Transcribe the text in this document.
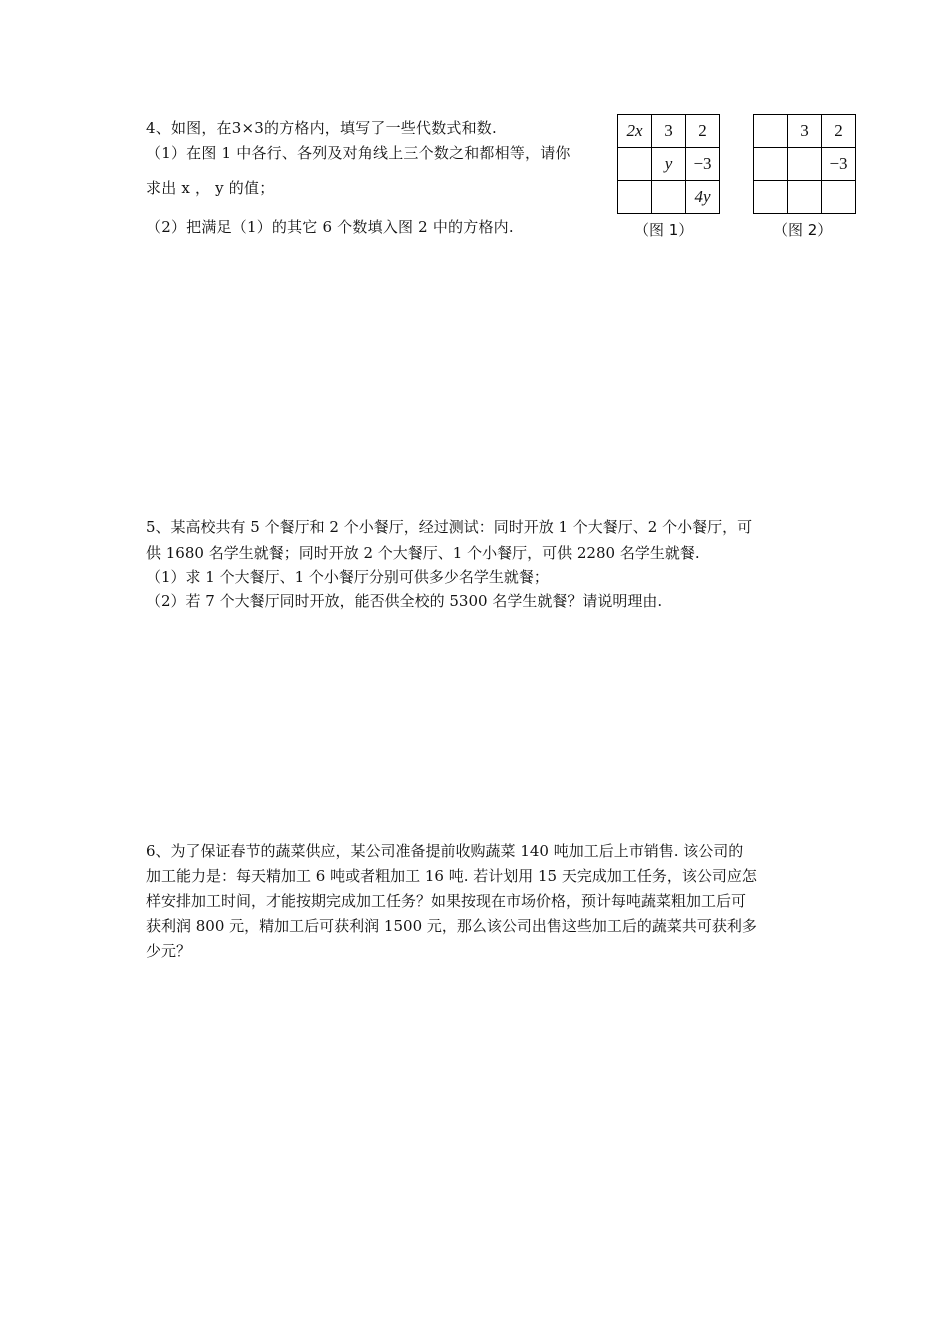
4、如图，在3×3的方格内，填写了一些代数式和数.
（1）在图 1 中各行、各列及对角线上三个数之和都相等，请你
求出 x ， y 的值；
（2）把满足（1）的其它 6 个数填入图 2 中的方格内.
2x	3	2
	y	−3
		4y
（图 1）
	3	2
		−3

（图 2）
5、某高校共有 5 个餐厅和 2 个小餐厅，经过测试：同时开放 1 个大餐厅、2 个小餐厅，可
供 1680 名学生就餐；同时开放 2 个大餐厅、1 个小餐厅，可供 2280 名学生就餐.
（1）求 1 个大餐厅、1 个小餐厅分别可供多少名学生就餐；
（2）若 7 个大餐厅同时开放，能否供全校的 5300 名学生就餐？请说明理由.
6、为了保证春节的蔬菜供应，某公司准备提前收购蔬菜 140 吨加工后上市销售. 该公司的
加工能力是：每天精加工 6 吨或者粗加工 16 吨. 若计划用 15 天完成加工任务，该公司应怎
样安排加工时间，才能按期完成加工任务？如果按现在市场价格，预计每吨蔬菜粗加工后可
获利润 800 元，精加工后可获利润 1500 元，那么该公司出售这些加工后的蔬菜共可获利多
少元？
